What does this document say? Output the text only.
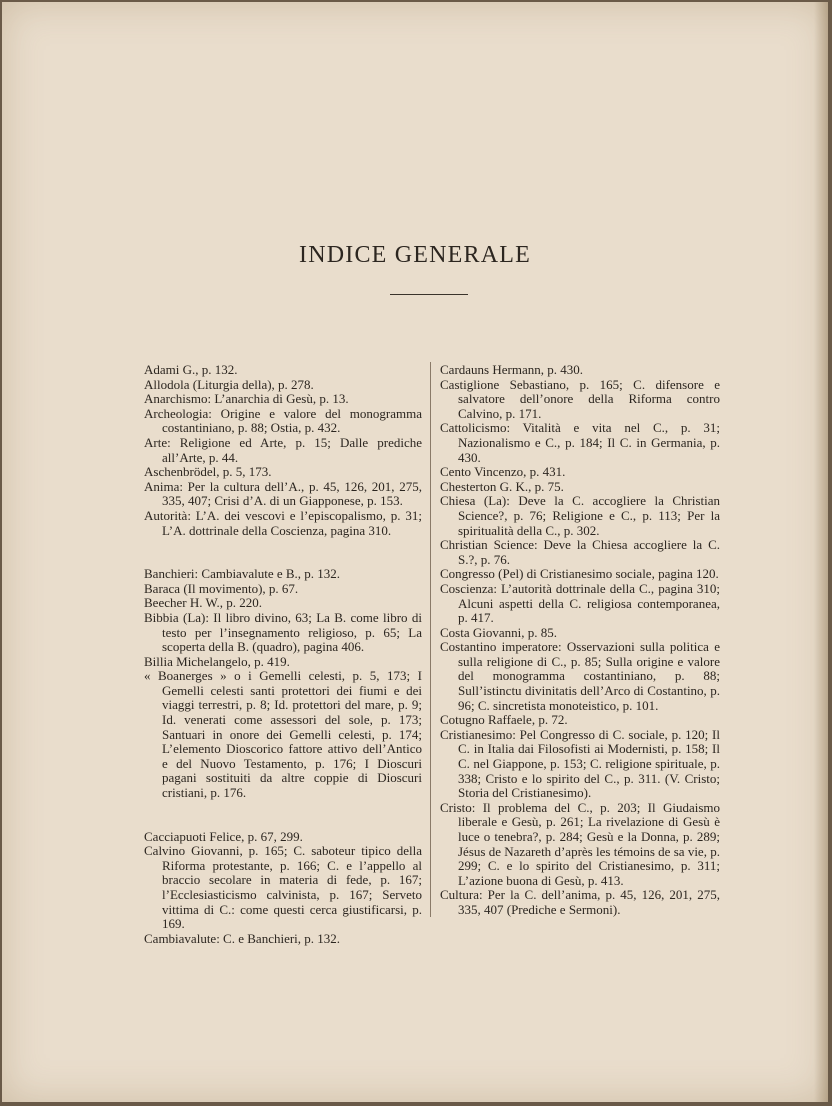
INDICE GENERALE
Adami G., p. 132.
Allodola (Liturgia della), p. 278.
Anarchismo: L’anarchia di Gesù, p. 13.
Archeologia: Origine e valore del monogramma costantiniano, p. 88; Ostia, p. 432.
Arte: Religione ed Arte, p. 15; Dalle prediche all’Arte, p. 44.
Aschenbrödel, p. 5, 173.
Anima: Per la cultura dell’A., p. 45, 126, 201, 275, 335, 407; Crisi d’A. di un Giapponese, p. 153.
Autorità: L’A. dei vescovi e l’episcopalismo, p. 31; L’A. dottrinale della Coscienza, pagina 310.
Banchieri: Cambiavalute e B., p. 132.
Baraca (Il movimento), p. 67.
Beecher H. W., p. 220.
Bibbia (La): Il libro divino, 63; La B. come libro di testo per l’insegnamento religioso, p. 65; La scoperta della B. (quadro), pagina 406.
Billia Michelangelo, p. 419.
« Boanerges » o i Gemelli celesti, p. 5, 173; I Gemelli celesti santi protettori dei fiumi e dei viaggi terrestri, p. 8; Id. protettori del mare, p. 9; Id. venerati come assessori del sole, p. 173; Santuari in onore dei Gemelli celesti, p. 174; L’elemento Dioscorico fattore attivo dell’Antico e del Nuovo Testamento, p. 176; I Dioscuri pagani sostituiti da altre coppie di Dioscuri cristiani, p. 176.
Cacciapuoti Felice, p. 67, 299.
Calvino Giovanni, p. 165; C. saboteur tipico della Riforma protestante, p. 166; C. e l’appello al braccio secolare in materia di fede, p. 167; l’Ecclesiasticismo calvinista, p. 167; Serveto vittima di C.: come questi cerca giustificarsi, p. 169.
Cambiavalute: C. e Banchieri, p. 132.
Cardauns Hermann, p. 430.
Castiglione Sebastiano, p. 165; C. difensore e salvatore dell’onore della Riforma contro Calvino, p. 171.
Cattolicismo: Vitalità e vita nel C., p. 31; Nazionalismo e C., p. 184; Il C. in Germania, p. 430.
Cento Vincenzo, p. 431.
Chesterton G. K., p. 75.
Chiesa (La): Deve la C. accogliere la Christian Science?, p. 76; Religione e C., p. 113; Per la spiritualità della C., p. 302.
Christian Science: Deve la Chiesa accogliere la C. S.?, p. 76.
Congresso (Pel) di Cristianesimo sociale, pagina 120.
Coscienza: L’autorità dottrinale della C., pagina 310; Alcuni aspetti della C. religiosa contemporanea, p. 417.
Costa Giovanni, p. 85.
Costantino imperatore: Osservazioni sulla politica e sulla religione di C., p. 85; Sulla origine e valore del monogramma costantiniano, p. 88; Sull’istinctu divinitatis dell’Arco di Costantino, p. 96; C. sincretista monoteistico, p. 101.
Cotugno Raffaele, p. 72.
Cristianesimo: Pel Congresso di C. sociale, p. 120; Il C. in Italia dai Filosofisti ai Modernisti, p. 158; Il C. nel Giappone, p. 153; C. religione spirituale, p. 338; Cristo e lo spirito del C., p. 311. (V. Cristo; Storia del Cristianesimo).
Cristo: Il problema del C., p. 203; Il Giudaismo liberale e Gesù, p. 261; La rivelazione di Gesù è luce o tenebra?, p. 284; Gesù e la Donna, p. 289; Jésus de Nazareth d’après les témoins de sa vie, p. 299; C. e lo spirito del Cristianesimo, p. 311; L’azione buona di Gesù, p. 413.
Cultura: Per la C. dell’anima, p. 45, 126, 201, 275, 335, 407 (Prediche e Sermoni).
